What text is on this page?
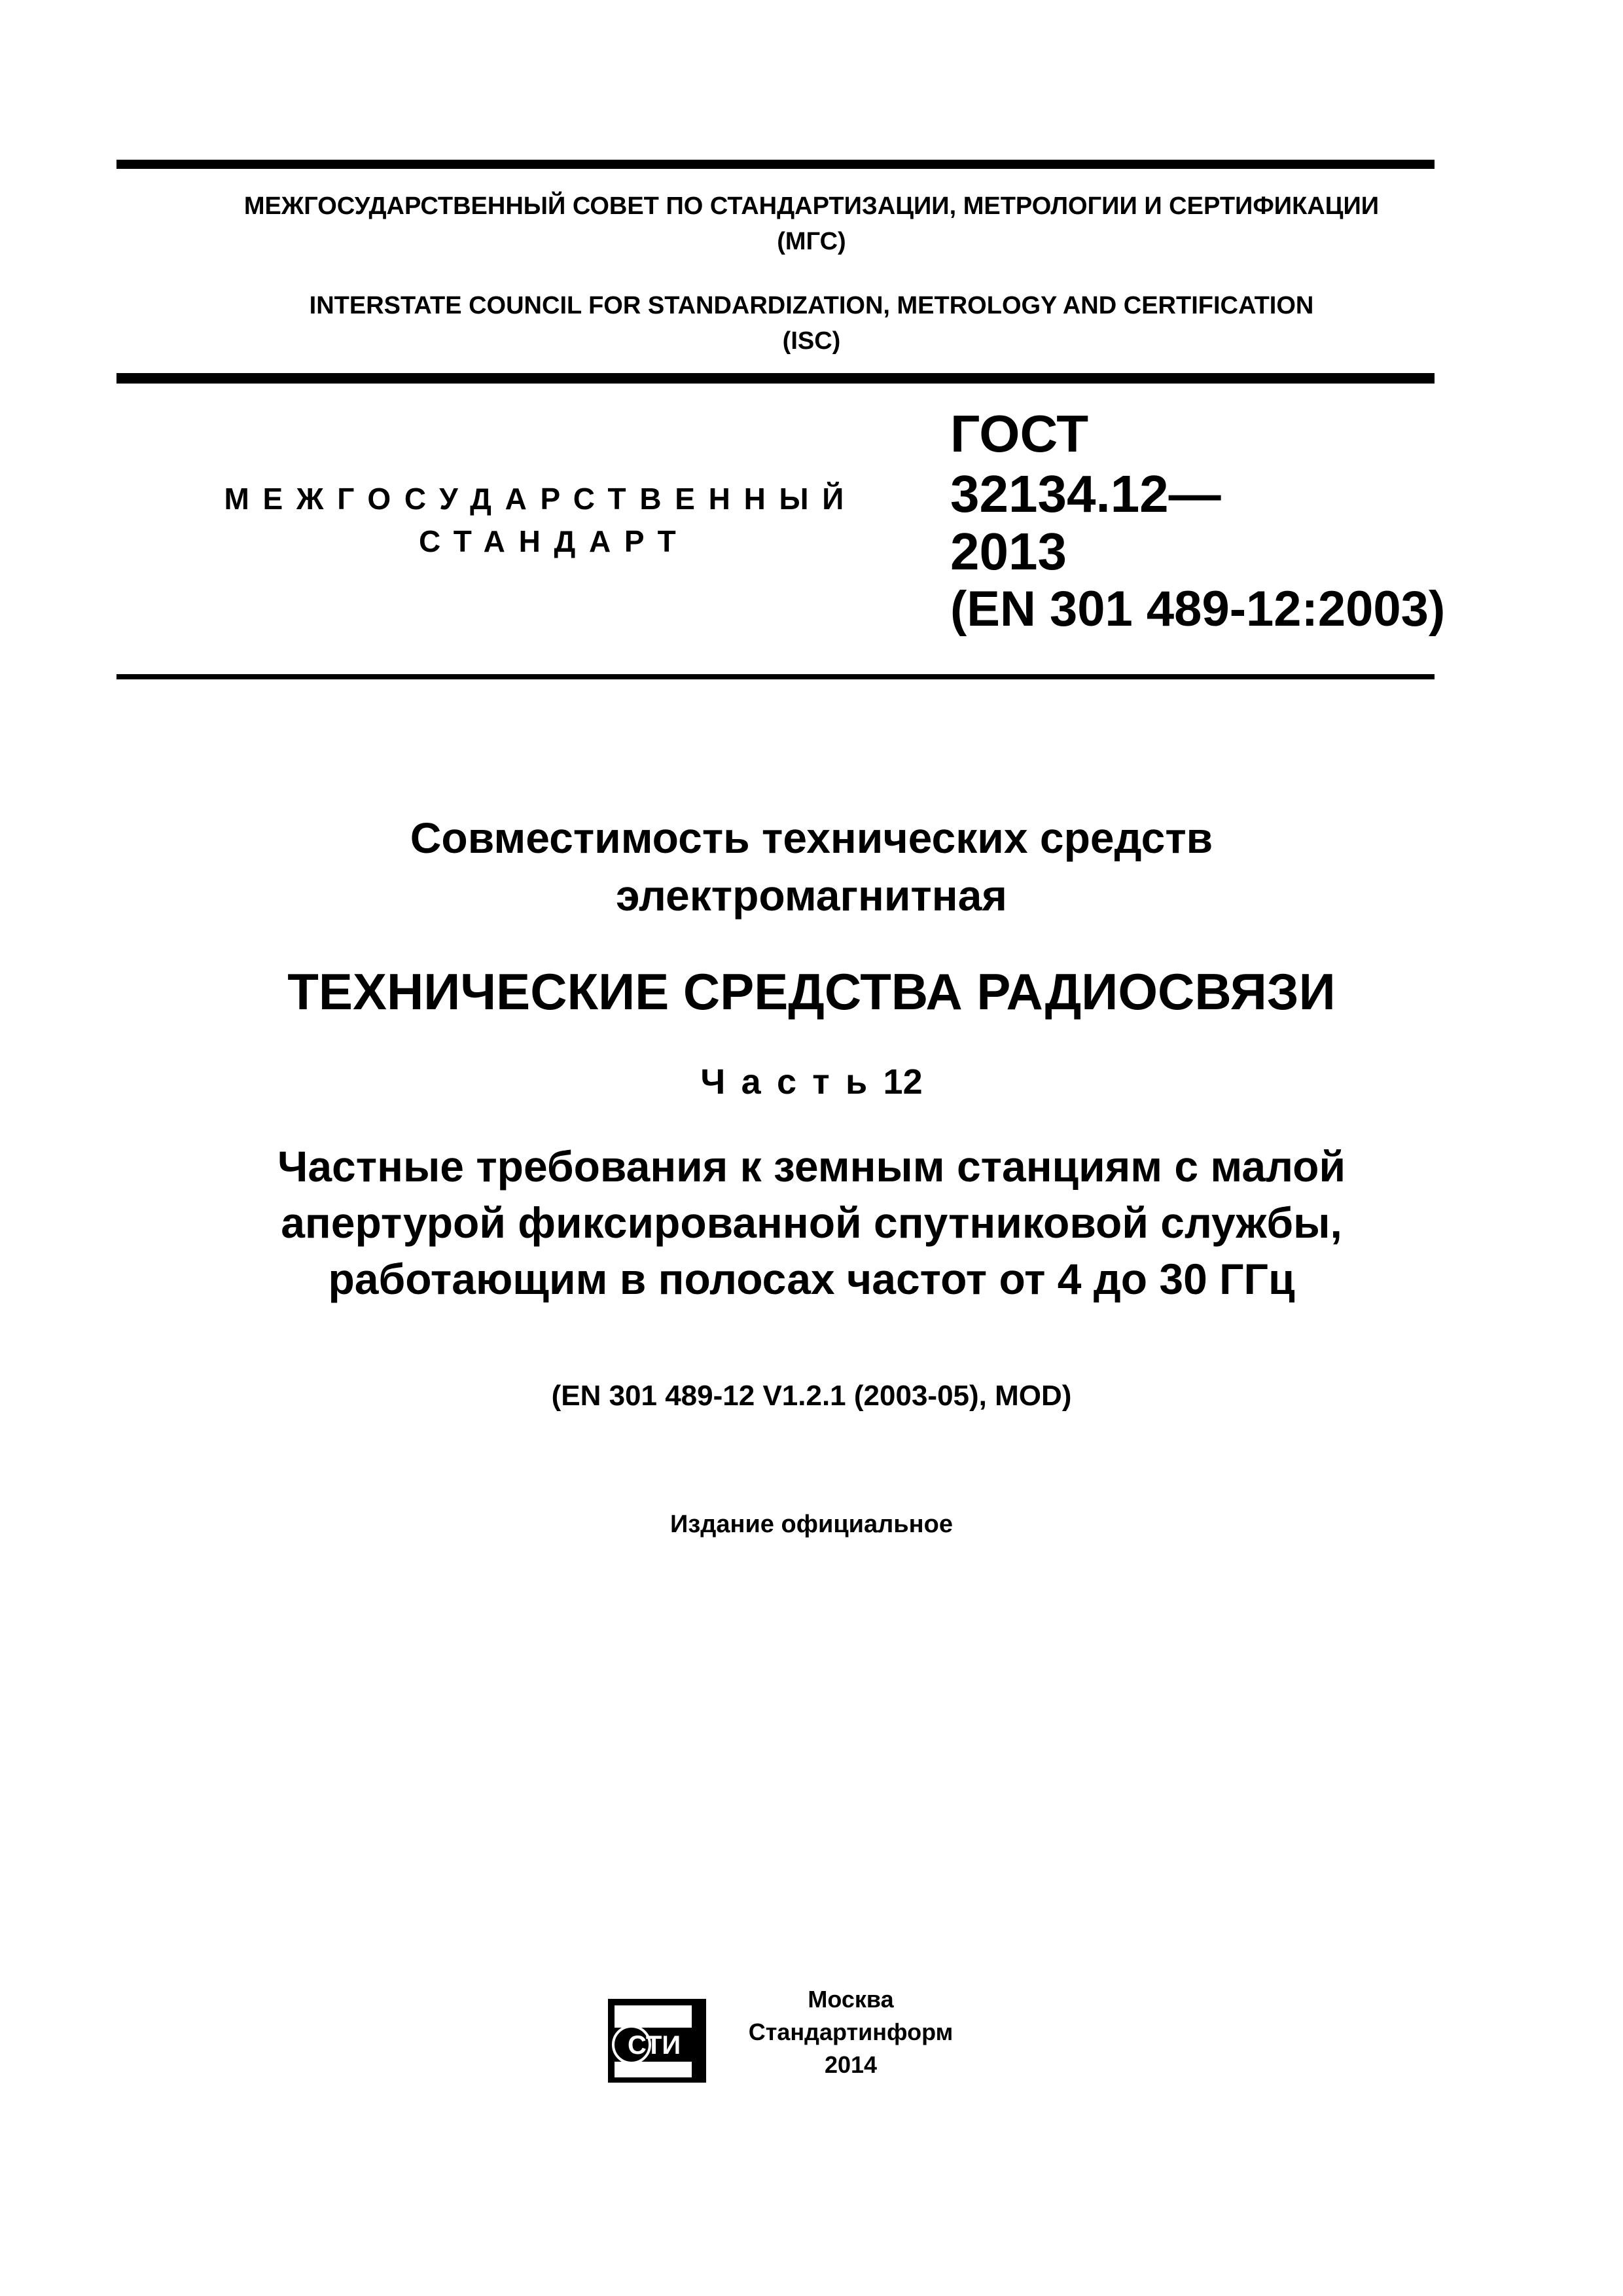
МЕЖГОСУДАРСТВЕННЫЙ СОВЕТ ПО СТАНДАРТИЗАЦИИ, МЕТРОЛОГИИ И СЕРТИФИКАЦИИ
(МГС)
INTERSTATE COUNCIL FOR STANDARDIZATION, METROLOGY AND CERTIFICATION
(ISC)
МЕЖГОСУДАРСТВЕННЫЙ
СТАНДАРТ
ГОСТ
32134.12—
2013
(EN 301 489-12:2003)
Совместимость технических средств
электромагнитная
ТЕХНИЧЕСКИЕ СРЕДСТВА РАДИОСВЯЗИ
Часть12
Частные требования к земным станциям с малой
апертурой фиксированной спутниковой службы,
работающим в полосах частот от 4 до 30 ГГц
(EN 301 489-12 V1.2.1 (2003-05), MOD)
Издание официальное
СТИ
Москва
Стандартинформ
2014
